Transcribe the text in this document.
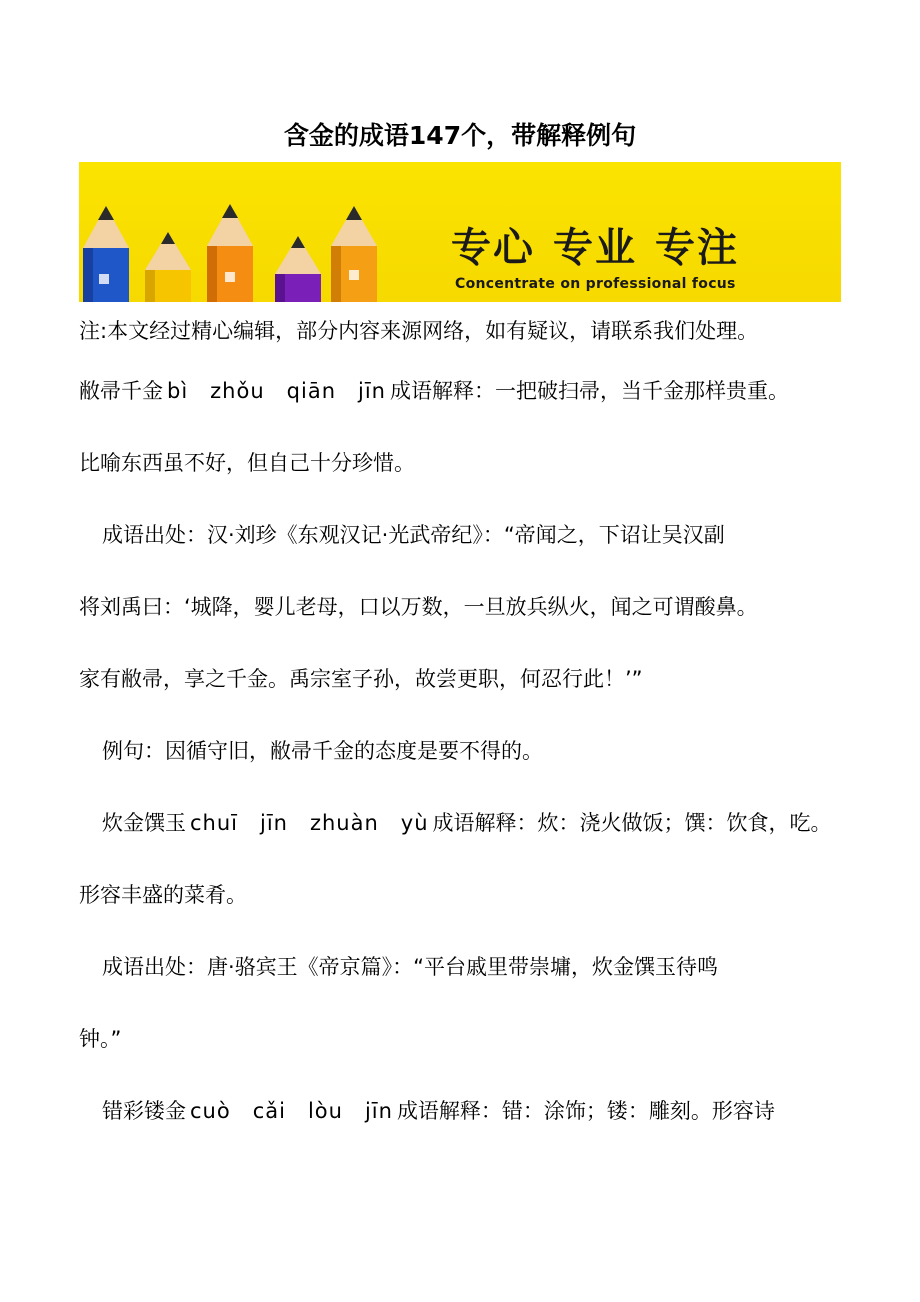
含金的成语147个，带解释例句
专心 专业 专注
Concentrate on professional focus

注:本文经过精心编辑，部分内容来源网络，如有疑议，请联系我们处理。

敝帚千金 bì　zhǒu　qiān　jīn 成语解释：一把破扫帚，当千金那样贵重。

比喻东西虽不好，但自己十分珍惜。

成语出处：汉·刘珍《东观汉记·光武帝纪》：“帝闻之，下诏让吴汉副

将刘禹曰：‘城降，婴儿老母，口以万数，一旦放兵纵火，闻之可谓酸鼻。

家有敝帚，享之千金。禹宗室子孙，故尝更职，何忍行此！’”

例句：因循守旧，敝帚千金的态度是要不得的。

炊金馔玉 chuī　jīn　zhuàn　yù 成语解释：炊：浇火做饭；馔：饮食，吃。

形容丰盛的菜肴。

成语出处：唐·骆宾王《帝京篇》：“平台戚里带崇墉，炊金馔玉待鸣

钟。”

错彩镂金 cuò　cǎi　lòu　jīn 成语解释：错：涂饰；镂：雕刻。形容诗
